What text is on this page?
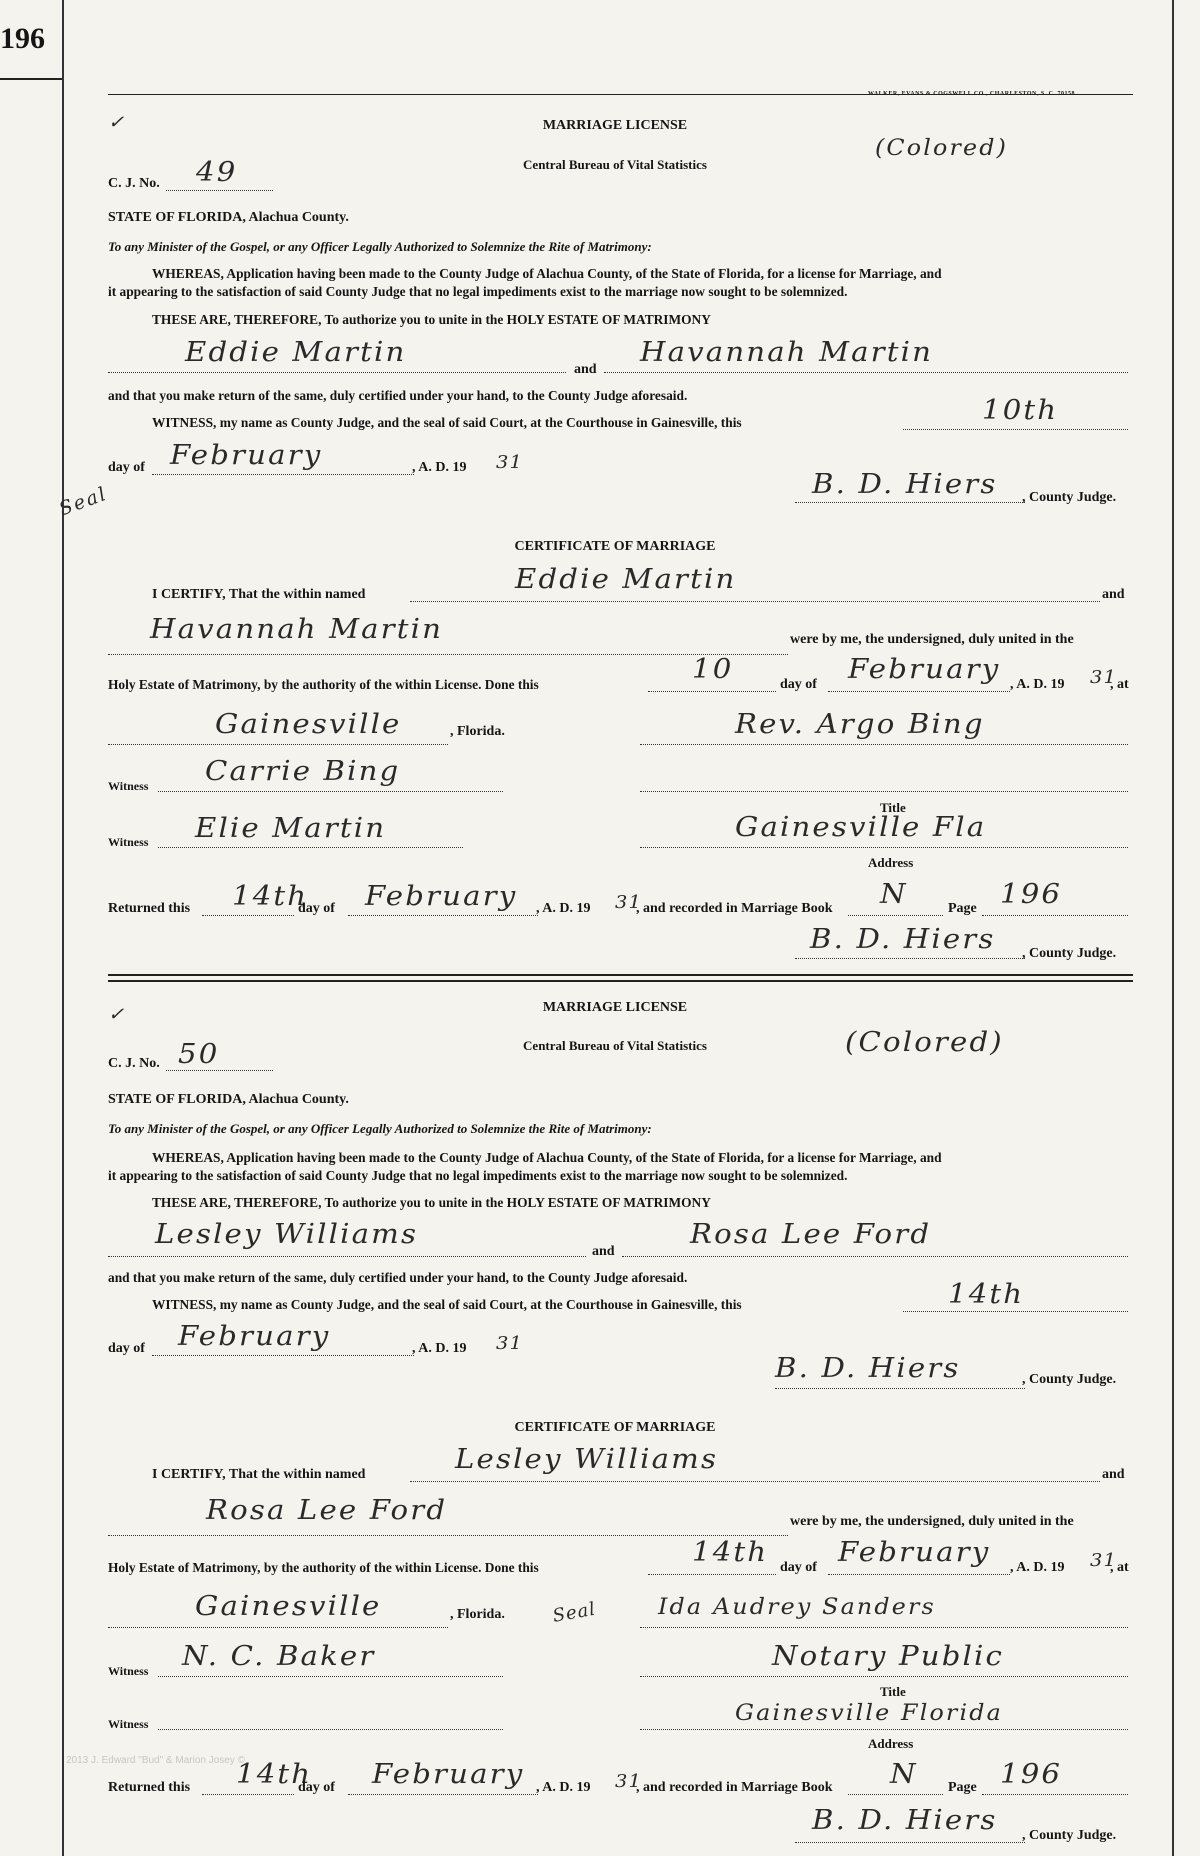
196
✓	MARRIAGE LICENSE
Central Bureau of Vital Statistics
(Colored)
C. J. No. 49
STATE OF FLORIDA, Alachua County.
To any Minister of the Gospel, or any Officer Legally Authorized to Solemnize the Rite of Matrimony:
WHEREAS, Application having been made to the County Judge of Alachua County, of the State of Florida, for a license for Marriage, and
it appearing to the satisfaction of said County Judge that no legal impediments exist to the marriage now sought to be solemnized.
THESE ARE, THEREFORE, To authorize you to unite in the HOLY ESTATE OF MATRIMONY
Eddie Martin
and
Havannah Martin
and that you make return of the same, duly certified under your hand, to the County Judge aforesaid.
WITNESS, my name as County Judge, and the seal of said Court, at the Courthouse in Gainesville, this	10th
day of February	, A. D. 19 31
Seal	B. D. Hiers , County Judge.
CERTIFICATE OF MARRIAGE
I CERTIFY, That the within named	Eddie Martin	and
Havannah Martin	were by me, the undersigned, duly united in the
Holy Estate of Matrimony, by the authority of the within License. Done this	10	day of February , A. D. 19 31
, at
Gainesville	, Florida.	Rev. Argo Bing
Witness Carrie Bing
Title
Witness Elie Martin	Gainesville Fla
Address
Returned this 14th
day of February , A. D. 19 31
, and recorded in Marriage Book N	Page 196
B. D. Hiers , County Judge.
✓	MARRIAGE LICENSE
Central Bureau of Vital Statistics	(Colored)
C. J. No. 50
STATE OF FLORIDA, Alachua County.
To any Minister of the Gospel, or any Officer Legally Authorized to Solemnize the Rite of Matrimony:
WHEREAS, Application having been made to the County Judge of Alachua County, of the State of Florida, for a license for Marriage, and
it appearing to the satisfaction of said County Judge that no legal impediments exist to the marriage now sought to be solemnized.
THESE ARE, THEREFORE, To authorize you to unite in the HOLY ESTATE OF MATRIMONY
Lesley Williams
and
Rosa Lee Ford
and that you make return of the same, duly certified under your hand, to the County Judge aforesaid.
WITNESS, my name as County Judge, and the seal of said Court, at the Courthouse in Gainesville, this	14th
day of February	, A. D. 19 31
B. D. Hiers	, County Judge.
CERTIFICATE OF MARRIAGE
I CERTIFY, That the within named	Lesley Williams	and
Rosa Lee Ford	were by me, the undersigned, duly united in the
Holy Estate of Matrimony, by the authority of the within License. Done this	14th day of February , A. D. 19 31
, at
Gainesville	, Florida.	Seal	Ida Audrey Sanders
Witness N. C. Baker	Notary Public
Title
Witness	Gainesville Florida
Address
2013 J. Edward "Bud" & Marion Josey ©
Returned this 14th
day of February , A. D. 19 31
, and recorded in Marriage Book N Page 196
B. D. Hiers , County Judge.
